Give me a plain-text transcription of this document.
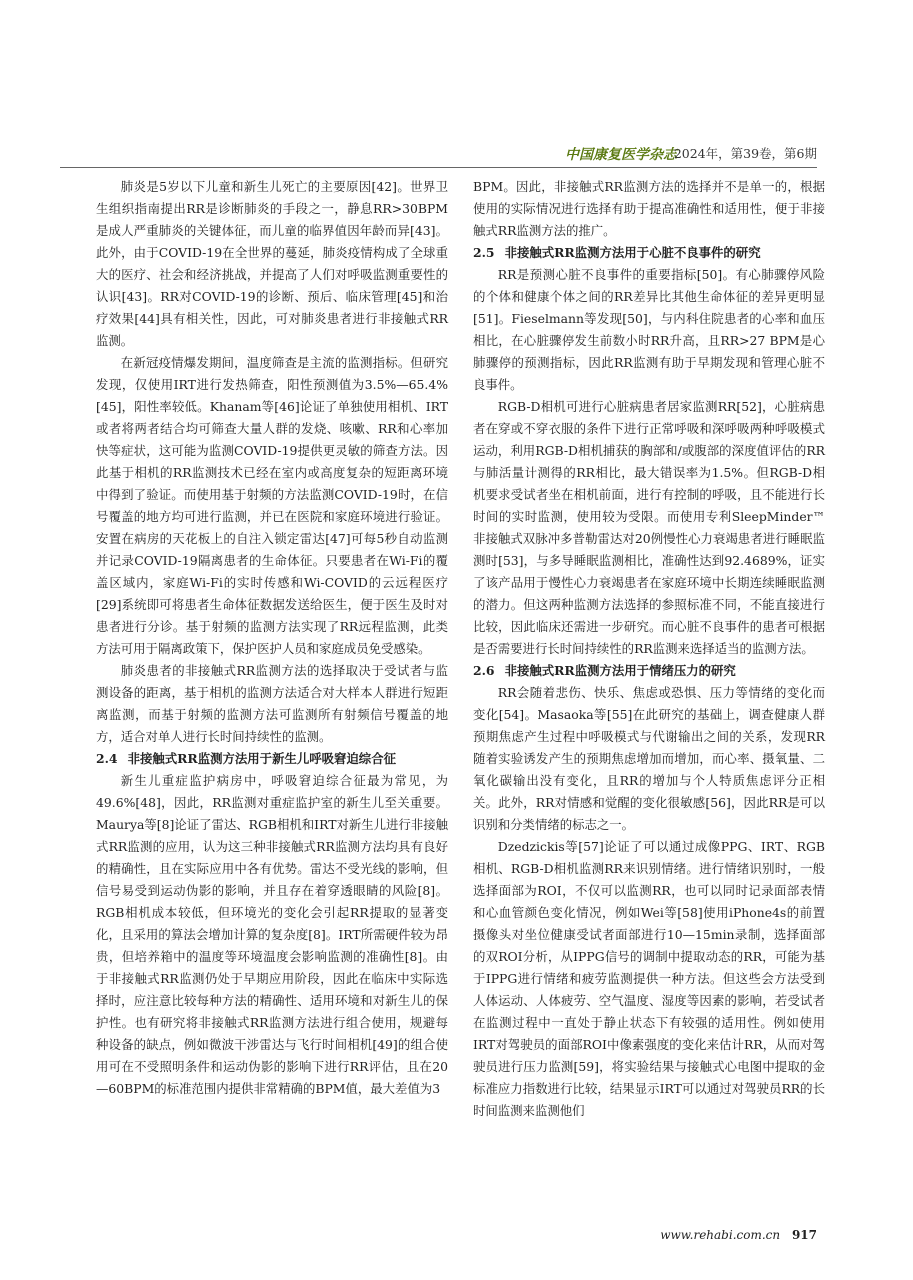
中国康复医学杂志
2024年，第39卷，第6期

肺炎是5岁以下儿童和新生儿死亡的主要原因[42]。世界卫生组织指南提出RR是诊断肺炎的手段之一，静息RR>30BPM是成人严重肺炎的关键体征，而儿童的临界值因年龄而异[43]。此外，由于COVID-19在全世界的蔓延，肺炎疫情构成了全球重大的医疗、社会和经济挑战，并提高了人们对呼吸监测重要性的认识[43]。RR对COVID-19的诊断、预后、临床管理[45]和治疗效果[44]具有相关性，因此，可对肺炎患者进行非接触式RR监测。

在新冠疫情爆发期间，温度筛查是主流的监测指标。但研究发现，仅使用IRT进行发热筛查，阳性预测值为3.5%—65.4%[45]，阳性率较低。Khanam等[46]论证了单独使用相机、IRT或者将两者结合均可筛查大量人群的发烧、咳嗽、RR和心率加快等症状，这可能为监测COVID-19提供更灵敏的筛查方法。因此基于相机的RR监测技术已经在室内或高度复杂的短距离环境中得到了验证。而使用基于射频的方法监测COVID-19时，在信号覆盖的地方均可进行监测，并已在医院和家庭环境进行验证。安置在病房的天花板上的自注入锁定雷达[47]可每5秒自动监测并记录COVID-19隔离患者的生命体征。只要患者在Wi-Fi的覆盖区域内，家庭Wi-Fi的实时传感和Wi-COVID的云远程医疗[29]系统即可将患者生命体征数据发送给医生，便于医生及时对患者进行分诊。基于射频的监测方法实现了RR远程监测，此类方法可用于隔离政策下，保护医护人员和家庭成员免受感染。

肺炎患者的非接触式RR监测方法的选择取决于受试者与监测设备的距离，基于相机的监测方法适合对大样本人群进行短距离监测，而基于射频的监测方法可监测所有射频信号覆盖的地方，适合对单人进行长时间持续性的监测。

2.4 非接触式RR监测方法用于新生儿呼吸窘迫综合征

新生儿重症监护病房中，呼吸窘迫综合征最为常见，为49.6%[48]，因此，RR监测对重症监护室的新生儿至关重要。Maurya等[8]论证了雷达、RGB相机和IRT对新生儿进行非接触式RR监测的应用，认为这三种非接触式RR监测方法均具有良好的精确性，且在实际应用中各有优势。雷达不受光线的影响，但信号易受到运动伪影的影响，并且存在着穿透眼睛的风险[8]。RGB相机成本较低，但环境光的变化会引起RR提取的显著变化，且采用的算法会增加计算的复杂度[8]。IRT所需硬件较为昂贵，但培养箱中的温度等环境温度会影响监测的准确性[8]。由于非接触式RR监测仍处于早期应用阶段，因此在临床中实际选择时，应注意比较每种方法的精确性、适用环境和对新生儿的保护性。也有研究将非接触式RR监测方法进行组合使用，规避每种设备的缺点，例如微波干涉雷达与飞行时间相机[49]的组合使用可在不受照明条件和运动伪影的影响下进行RR评估，且在20—60BPM的标准范围内提供非常精确的BPM值，最大差值为3

BPM。因此，非接触式RR监测方法的选择并不是单一的，根据使用的实际情况进行选择有助于提高准确性和适用性，便于非接触式RR监测方法的推广。

2.5 非接触式RR监测方法用于心脏不良事件的研究

RR是预测心脏不良事件的重要指标[50]。有心肺骤停风险的个体和健康个体之间的RR差异比其他生命体征的差异更明显[51]。Fieselmann等发现[50]，与内科住院患者的心率和血压相比，在心脏骤停发生前数小时RR升高，且RR>27 BPM是心肺骤停的预测指标，因此RR监测有助于早期发现和管理心脏不良事件。

RGB-D相机可进行心脏病患者居家监测RR[52]，心脏病患者在穿或不穿衣服的条件下进行正常呼吸和深呼吸两种呼吸模式运动，利用RGB-D相机捕获的胸部和/或腹部的深度值评估的RR与肺活量计测得的RR相比，最大错误率为1.5%。但RGB-D相机要求受试者坐在相机前面，进行有控制的呼吸，且不能进行长时间的实时监测，使用较为受限。而使用专利SleepMinder™非接触式双脉冲多普勒雷达对20例慢性心力衰竭患者进行睡眠监测时[53]，与多导睡眠监测相比，准确性达到92.4689%，证实了该产品用于慢性心力衰竭患者在家庭环境中长期连续睡眠监测的潜力。但这两种监测方法选择的参照标准不同，不能直接进行比较，因此临床还需进一步研究。而心脏不良事件的患者可根据是否需要进行长时间持续性的RR监测来选择适当的监测方法。

2.6 非接触式RR监测方法用于情绪压力的研究

RR会随着悲伤、快乐、焦虑或恐惧、压力等情绪的变化而变化[54]。Masaoka等[55]在此研究的基础上，调查健康人群预期焦虑产生过程中呼吸模式与代谢输出之间的关系，发现RR随着实验诱发产生的预期焦虑增加而增加，而心率、摄氧量、二氧化碳输出没有变化，且RR的增加与个人特质焦虑评分正相关。此外，RR对情感和觉醒的变化很敏感[56]，因此RR是可以识别和分类情绪的标志之一。

Dzedzickis等[57]论证了可以通过成像PPG、IRT、RGB相机、RGB-D相机监测RR来识别情绪。进行情绪识别时，一般选择面部为ROI，不仅可以监测RR，也可以同时记录面部表情和心血管颜色变化情况，例如Wei等[58]使用iPhone4s的前置摄像头对坐位健康受试者面部进行10—15min录制，选择面部的双ROI分析，从IPPG信号的调制中提取动态的RR，可能为基于IPPG进行情绪和疲劳监测提供一种方法。但这些会方法受到人体运动、人体疲劳、空气温度、湿度等因素的影响，若受试者在监测过程中一直处于静止状态下有较强的适用性。例如使用IRT对驾驶员的面部ROI中像素强度的变化来估计RR，从而对驾驶员进行压力监测[59]，将实验结果与接触式心电图中提取的金标准应力指数进行比较，结果显示IRT可以通过对驾驶员RR的长时间监测来监测他们

www.rehabi.com.cn 917
